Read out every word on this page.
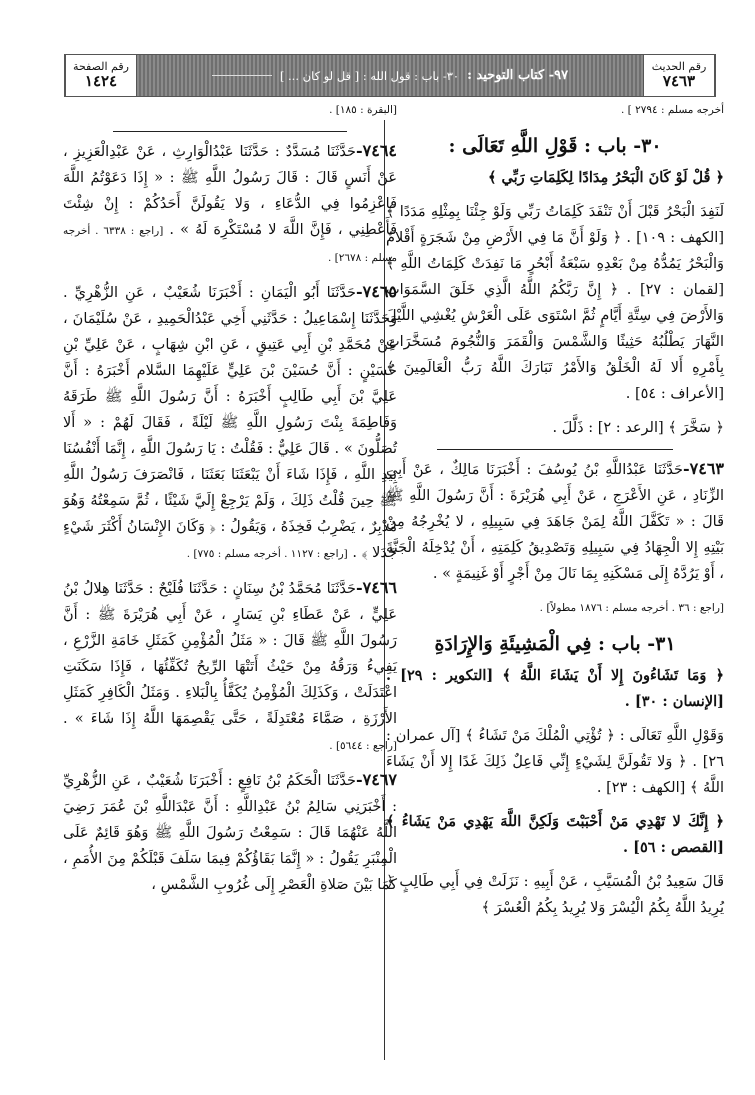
رقم الصفحة
١٤٢٤	٩٧- كتاب التوحيد :
٣٠- باب : قول الله : [ قل لو كان ... ]
رقم الحديث
٧٤٦٣

أخرجه مسلم : ٢٧٩٤ ] .

٣٠- باب : قَوْلِ اللَّهِ تَعَالَى :

﴿ قُلْ لَوْ كَانَ الْبَحْرُ مِدَادًا لِكَلِمَاتِ رَبِّي ﴾

لَنَفِدَ الْبَحْرُ قَبْلَ أَنْ تَنْفَدَ كَلِمَاتُ رَبِّي وَلَوْ جِئْنَا بِمِثْلِهِ مَدَدًا ﴾ [الكهف : ١٠٩] . ﴿ وَلَوْ أَنَّ مَا فِي الأَرْضِ مِنْ شَجَرَةٍ أَقْلامٌ وَالْبَحْرُ يَمُدُّهُ مِنْ بَعْدِهِ سَبْعَةُ أَبْحُرٍ مَا نَفِدَتْ كَلِمَاتُ اللَّهِ ﴾ [لقمان : ٢٧] . ﴿ إِنَّ رَبَّكُمُ اللَّهُ الَّذِي خَلَقَ السَّمَوَاتِ وَالأَرْضَ فِي سِتَّةِ أَيَّامٍ ثُمَّ اسْتَوَى عَلَى الْعَرْشِ يُغْشِي اللَّيْلَ النَّهَارَ يَطْلُبُهُ حَثِيثًا وَالشَّمْسَ وَالْقَمَرَ وَالنُّجُومَ مُسَخَّرَاتٍ بِأَمْرِهِ أَلا لَهُ الْخَلْقُ وَالأَمْرُ تَبَارَكَ اللَّهُ رَبُّ الْعَالَمِينَ ﴾ [الأعراف : ٥٤] .

﴿ سَخَّرَ ﴾ [الرعد : ٢] : ذَلَّلَ .

٧٤٦٣-حَدَّثَنَا عَبْدُاللَّهِ بْنُ يُوسُفَ : أَخْبَرَنَا مَالِكٌ ، عَنْ أَبِي الزِّنَادِ ، عَنِ الأَعْرَجِ ، عَنْ أَبِي هُرَيْرَةَ : أَنَّ رَسُولَ اللَّهِ ﷺ قَالَ : « تَكَفَّلَ اللَّهُ لِمَنْ جَاهَدَ فِي سَبِيلِهِ ، لا يُخْرِجُهُ مِنْ بَيْتِهِ إِلا الْجِهَادُ فِي سَبِيلِهِ وَتَصْدِيقُ كَلِمَتِهِ ، أَنْ يُدْخِلَهُ الْجَنَّةَ ، أَوْ يَرُدَّهُ إِلَى مَسْكَنِهِ بِمَا نَالَ مِنْ أَجْرٍ أَوْ غَنِيمَةٍ » .

[راجع : ٣٦ . أخرجه مسلم : ١٨٧٦ مطولاً] .

٣١- باب : فِي الْمَشِيئَةِ وَالإِرَادَةِ

﴿ وَمَا تَشَاءُونَ إِلا أَنْ يَشَاءَ اللَّهُ ﴾ [التكوير : ٢٩] . [الإنسان : ٣٠] .

وَقَوْلِ اللَّهِ تَعَالَى : ﴿ تُؤْتِي الْمُلْكَ مَنْ تَشَاءُ ﴾ [آل عمران : ٢٦] . ﴿ وَلا تَقُولَنَّ لِشَيْءٍ إِنِّي فَاعِلٌ ذَلِكَ غَدًا إِلا أَنْ يَشَاءَ اللَّهُ ﴾ [الكهف : ٢٣] .

﴿ إِنَّكَ لا تَهْدِي مَنْ أَحْبَبْتَ وَلَكِنَّ اللَّهَ يَهْدِي مَنْ يَشَاءُ ﴾ [القصص : ٥٦] .

قَالَ سَعِيدُ بْنُ الْمُسَيَّبِ ، عَنْ أَبِيهِ : نَزَلَتْ فِي أَبِي طَالِبٍ ﴿ يُرِيدُ اللَّهُ بِكُمُ الْيُسْرَ وَلا يُرِيدُ بِكُمُ الْعُسْرَ ﴾

[البقرة : ١٨٥] .

٧٤٦٤-حَدَّثَنَا مُسَدَّدٌ : حَدَّثَنَا عَبْدُالْوَارِثِ ، عَنْ عَبْدِالْعَزِيزِ ، عَنْ أَنَسٍ قَالَ : قَالَ رَسُولُ اللَّهِ ﷺ : « إِذَا دَعَوْتُمُ اللَّهَ فَاعْزِمُوا فِي الدُّعَاءِ ، وَلا يَقُولَنَّ أَحَدُكُمْ : إِنْ شِئْتَ فَأَعْطِنِي ، فَإِنَّ اللَّهَ لا مُسْتَكْرِهَ لَهُ » . [راجع : ٦٣٣٨ . أخرجه مسلم : ٢٦٧٨] .

٧٤٦٥-حَدَّثَنَا أَبُو الْيَمَانِ : أَخْبَرَنَا شُعَيْبٌ ، عَنِ الزُّهْرِيِّ . وَحَدَّثَنَا إِسْمَاعِيلُ : حَدَّثَنِي أَخِي عَبْدُالْحَمِيدِ ، عَنْ سُلَيْمَانَ ، عَنْ مُحَمَّدِ بْنِ أَبِي عَتِيقٍ ، عَنِ ابْنِ شِهَابٍ ، عَنْ عَلِيِّ بْنِ حُسَيْنٍ : أَنَّ حُسَيْنَ بْنَ عَلِيٍّ عَلَيْهِمَا السَّلام أَخْبَرَهُ : أَنَّ عَلِيَّ بْنَ أَبِي طَالِبٍ أَخْبَرَهُ : أَنَّ رَسُولَ اللَّهِ ﷺ طَرَقَهُ وَفَاطِمَةَ بِنْتَ رَسُولِ اللَّهِ ﷺ لَيْلَةً ، فَقَالَ لَهُمْ : « أَلا تُصَلُّونَ » . قَالَ عَلِيٌّ : فَقُلْتُ : يَا رَسُولَ اللَّهِ ، إِنَّمَا أَنْفُسُنَا بِيَدِ اللَّهِ ، فَإِذَا شَاءَ أَنْ يَبْعَثَنَا بَعَثَنَا ، فَانْصَرَفَ رَسُولُ اللَّهِ ﷺ حِينَ قُلْتُ ذَلِكَ ، وَلَمْ يَرْجِعْ إِلَيَّ شَيْئًا ، ثُمَّ سَمِعْتُهُ وَهُوَ مُدْبِرٌ ، يَضْرِبُ فَخِذَهُ ، وَيَقُولُ : ﴿ وَكَانَ الإِنْسَانُ أَكْثَرَ شَيْءٍ جَدَلا ﴾ . [راجع : ١١٢٧ . أخرجه مسلم : ٧٧٥] .

٧٤٦٦-حَدَّثَنَا مُحَمَّدُ بْنُ سِنَانٍ : حَدَّثَنَا فُلَيْحٌ : حَدَّثَنَا هِلالُ بْنُ عَلِيٍّ ، عَنْ عَطَاءِ بْنِ يَسَارٍ ، عَنْ أَبِي هُرَيْرَةَ ﷺ : أَنَّ رَسُولَ اللَّهِ ﷺ قَالَ : « مَثَلُ الْمُؤْمِنِ كَمَثَلِ خَامَةِ الزَّرْعِ ، يَفِيءُ وَرَقُهُ مِنْ حَيْثُ أَتَتْهَا الرِّيحُ تُكَفِّئُهَا ، فَإِذَا سَكَنَتِ اعْتَدَلَتْ ، وَكَذَلِكَ الْمُؤْمِنُ يُكَفَّأُ بِالْبَلاءِ . وَمَثَلُ الْكَافِرِ كَمَثَلِ الأَرْزَةِ ، صَمَّاءَ مُعْتَدِلَةً ، حَتَّى يَقْصِمَهَا اللَّهُ إِذَا شَاءَ » . [راجع : ٥٦٤٤] .

٧٤٦٧-حَدَّثَنَا الْحَكَمُ بْنُ نَافِعٍ : أَخْبَرَنَا شُعَيْبٌ ، عَنِ الزُّهْرِيِّ : أَخْبَرَنِي سَالِمُ بْنُ عَبْدِاللَّهِ : أَنَّ عَبْدَاللَّهِ بْنَ عُمَرَ رَضِيَ اللَّهُ عَنْهُمَا قَالَ : سَمِعْتُ رَسُولَ اللَّهِ ﷺ وَهُوَ قَائِمٌ عَلَى الْمِنْبَرِ يَقُولُ : « إِنَّمَا بَقَاؤُكُمْ فِيمَا سَلَفَ قَبْلَكُمْ مِنَ الأُمَمِ ، كَمَا بَيْنَ صَلاةِ الْعَصْرِ إِلَى غُرُوبِ الشَّمْسِ ،
